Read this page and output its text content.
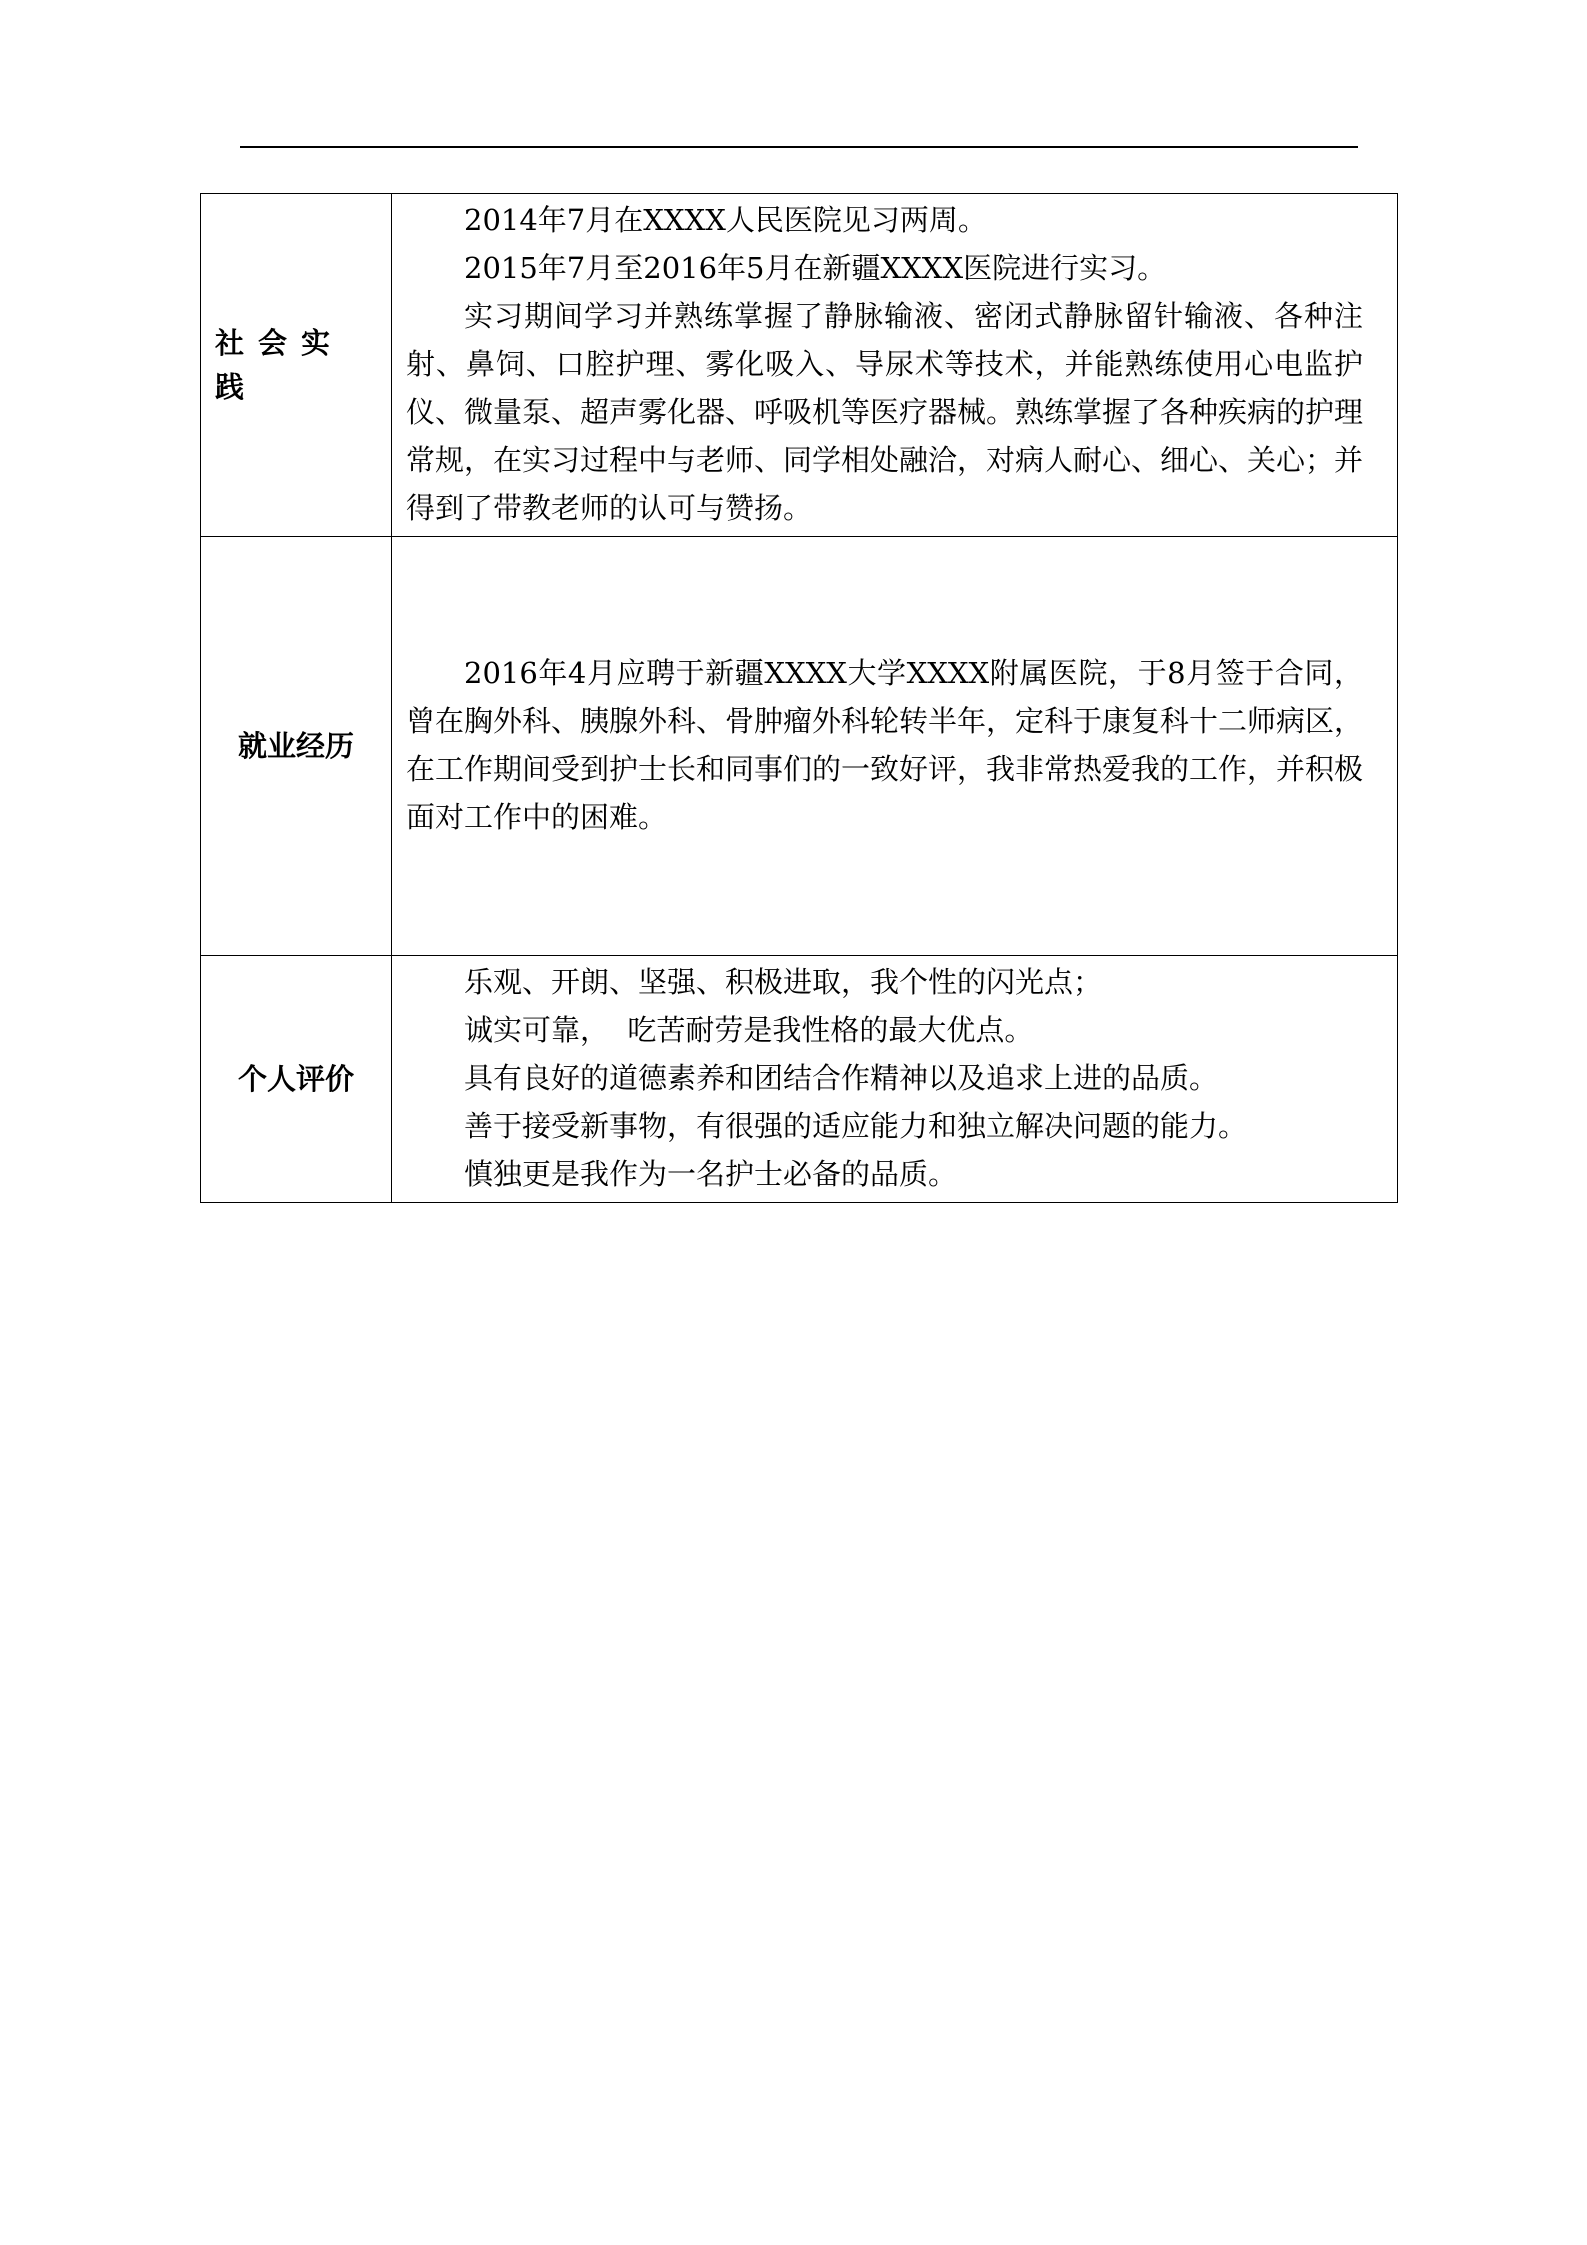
社会实践	2014年7月在XXXX人民医院见习两周。

2015年7月至2016年5月在新疆XXXX医院进行实习。

实习期间学习并熟练掌握了静脉输液、密闭式静脉留针输液、各种注射、鼻饲、口腔护理、雾化吸入、导尿术等技术，并能熟练使用心电监护仪、微量泵、超声雾化器、呼吸机等医疗器械。熟练掌握了各种疾病的护理常规，在实习过程中与老师、同学相处融洽，对病人耐心、细心、关心；并得到了带教老师的认可与赞扬。

就业经历	2016年4月应聘于新疆XXXX大学XXXX附属医院，于8月签于合同，曾在胸外科、胰腺外科、骨肿瘤外科轮转半年，定科于康复科十二师病区，在工作期间受到护士长和同事们的一致好评，我非常热爱我的工作，并积极面对工作中的困难。

个人评价	乐观、开朗、坚强、积极进取，我个性的闪光点；

诚实可靠，  吃苦耐劳是我性格的最大优点。

具有良好的道德素养和团结合作精神以及追求上进的品质。

善于接受新事物，有很强的适应能力和独立解决问题的能力。

慎独更是我作为一名护士必备的品质。
